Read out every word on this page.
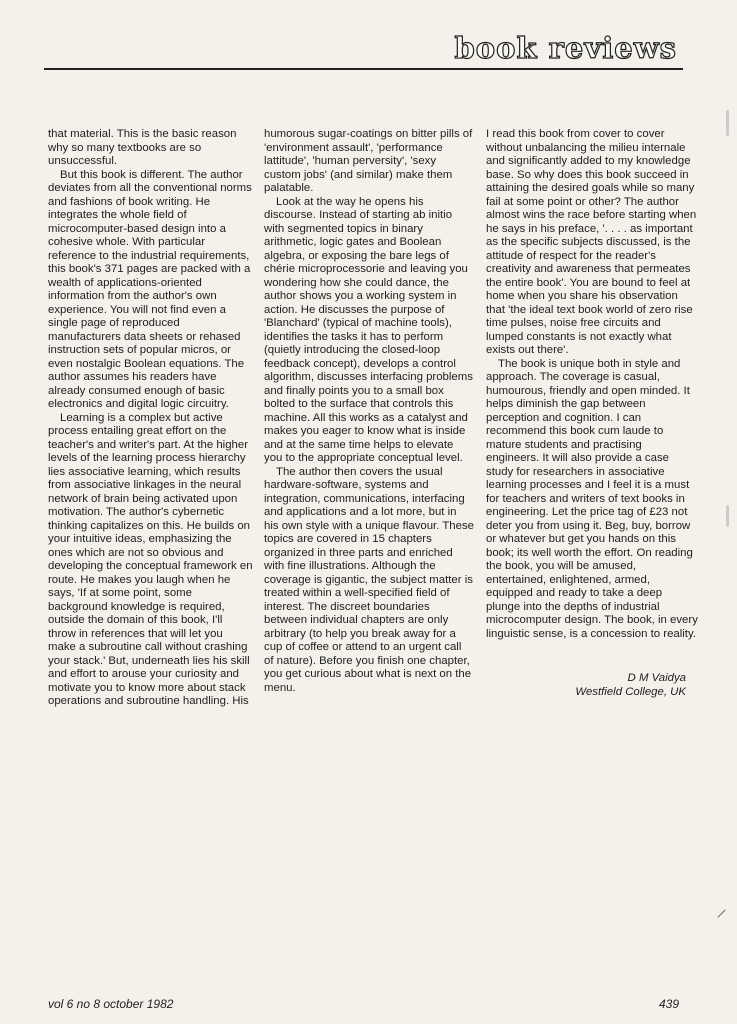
book reviews

that material. This is the basic reason why so many textbooks are so unsuccessful.

But this book is different. The author deviates from all the conventional norms and fashions of book writing. He integrates the whole field of microcomputer-based design into a cohesive whole. With particular reference to the industrial requirements, this book's 371 pages are packed with a wealth of applications-oriented information from the author's own experience. You will not find even a single page of reproduced manufacturers data sheets or rehased instruction sets of popular micros, or even nostalgic Boolean equations. The author assumes his readers have already consumed enough of basic electronics and digital logic circuitry.

Learning is a complex but active process entailing great effort on the teacher's and writer's part. At the higher levels of the learning process hierarchy lies associative learning, which results from associative linkages in the neural network of brain being activated upon motivation. The author's cybernetic thinking capitalizes on this. He builds on your intuitive ideas, emphasizing the ones which are not so obvious and developing the conceptual framework en route. He makes you laugh when he says, 'If at some point, some background knowledge is required, outside the domain of this book, I'll throw in references that will let you make a subroutine call without crashing your stack.' But, underneath lies his skill and effort to arouse your curiosity and motivate you to know more about stack operations and subroutine handling. His

humorous sugar-coatings on bitter pills of 'environment assault', 'performance lattitude', 'human perversity', 'sexy custom jobs' (and similar) make them palatable.

Look at the way he opens his discourse. Instead of starting ab initio with segmented topics in binary arithmetic, logic gates and Boolean algebra, or exposing the bare legs of chérie microprocessorie and leaving you wondering how she could dance, the author shows you a working system in action. He discusses the purpose of 'Blanchard' (typical of machine tools), identifies the tasks it has to perform (quietly introducing the closed-loop feedback concept), develops a control algorithm, discusses interfacing problems and finally points you to a small box bolted to the surface that controls this machine. All this works as a catalyst and makes you eager to know what is inside and at the same time helps to elevate you to the appropriate conceptual level.

The author then covers the usual hardware-software, systems and integration, communications, interfacing and applications and a lot more, but in his own style with a unique flavour. These topics are covered in 15 chapters organized in three parts and enriched with fine illustrations. Although the coverage is gigantic, the subject matter is treated within a well-specified field of interest. The discreet boundaries between individual chapters are only arbitrary (to help you break away for a cup of coffee or attend to an urgent call of nature). Before you finish one chapter, you get curious about what is next on the menu.

I read this book from cover to cover without unbalancing the milieu internale and significantly added to my knowledge base. So why does this book succeed in attaining the desired goals while so many fail at some point or other? The author almost wins the race before starting when he says in his preface, '. . . . as important as the specific subjects discussed, is the attitude of respect for the reader's creativity and awareness that permeates the entire book'. You are bound to feel at home when you share his observation that 'the ideal text book world of zero rise time pulses, noise free circuits and lumped constants is not exactly what exists out there'.

The book is unique both in style and approach. The coverage is casual, humourous, friendly and open minded. It helps diminish the gap between perception and cognition. I can recommend this book cum laude to mature students and practising engineers. It will also provide a case study for researchers in associative learning processes and I feel it is a must for teachers and writers of text books in engineering. Let the price tag of £23 not deter you from using it. Beg, buy, borrow or whatever but get you hands on this book; its well worth the effort. On reading the book, you will be amused, entertained, enlightened, armed, equipped and ready to take a deep plunge into the depths of industrial microcomputer design. The book, in every linguistic sense, is a concession to reality.

D M Vaidya
Westfield College, UK
vol 6 no 8 october 1982	439
⸝
